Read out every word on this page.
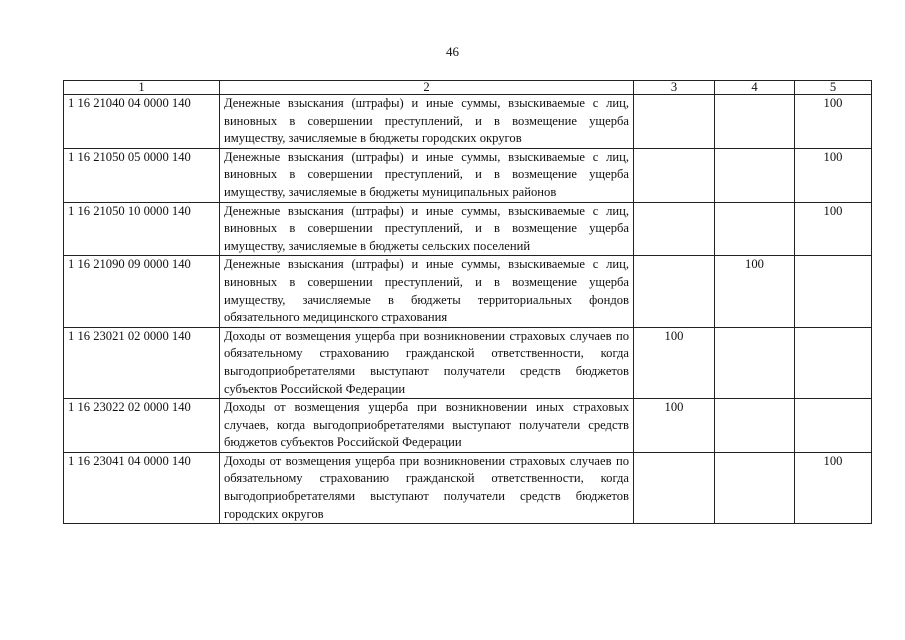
46
1	2	3	4	5
1 16 21040 04 0000 140	Денежные взыскания (штрафы) и иные суммы, взыскиваемые с лиц, виновных в совершении преступлений, и в возмещение ущерба имуществу, зачисляемые в бюджеты городских округов			100
1 16 21050 05 0000 140	Денежные взыскания (штрафы) и иные суммы, взыскиваемые с лиц, виновных в совершении преступлений, и в возмещение ущерба имуществу, зачисляемые в бюджеты муниципальных районов			100
1 16 21050 10 0000 140	Денежные взыскания (штрафы) и иные суммы, взыскиваемые с лиц, виновных в совершении преступлений, и в возмещение ущерба имуществу, зачисляемые в бюджеты сельских поселений			100
1 16 21090 09 0000 140	Денежные взыскания (штрафы) и иные суммы, взыскиваемые с лиц, виновных в совершении преступлений, и в возмещение ущерба имуществу, зачисляемые в бюджеты территориальных фондов обязательного медицинского страхования		100	
1 16 23021 02 0000 140	Доходы от возмещения ущерба при возникновении страховых случаев по обязательному страхованию гражданской ответственности, когда выгодоприобретателями выступают получатели средств бюджетов субъектов Российской Федерации	100		
1 16 23022 02 0000 140	Доходы от возмещения ущерба при возникновении иных страховых случаев, когда выгодоприобретателями выступают получатели средств бюджетов субъектов Российской Федерации	100		
1 16 23041 04 0000 140	Доходы от возмещения ущерба при возникновении страховых случаев по обязательному страхованию гражданской ответственности, когда выгодоприобретателями выступают получатели средств бюджетов городских округов			100
